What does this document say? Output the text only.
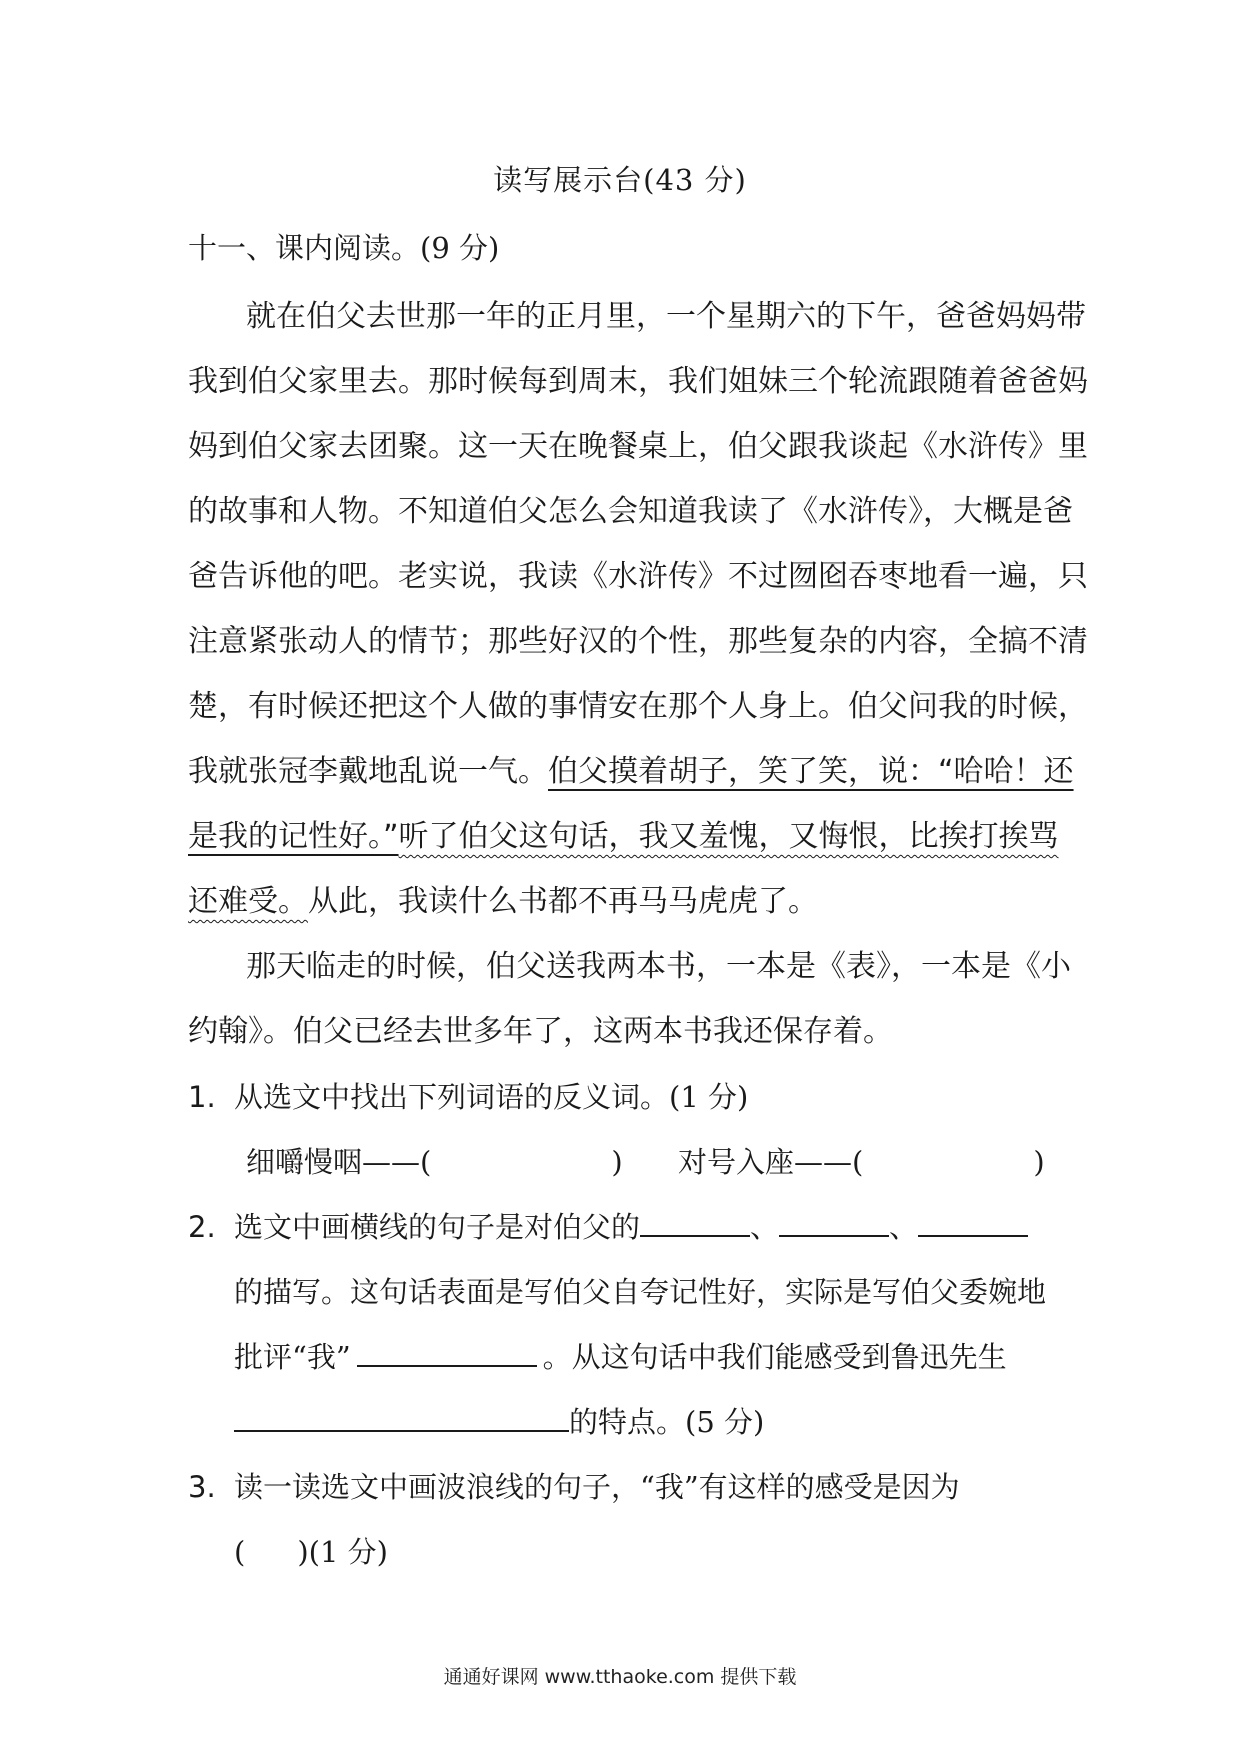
读写展示台(43 分)
十一、课内阅读。(9 分)
就在伯父去世那一年的正月里，一个星期六的下午，爸爸妈妈带
我到伯父家里去。那时候每到周末，我们姐妹三个轮流跟随着爸爸妈
妈到伯父家去团聚。这一天在晚餐桌上，伯父跟我谈起《水浒传》里
的故事和人物。不知道伯父怎么会知道我读了《水浒传》，大概是爸
爸告诉他的吧。老实说，我读《水浒传》不过囫囵吞枣地看一遍，只
注意紧张动人的情节；那些好汉的个性，那些复杂的内容，全搞不清
楚，有时候还把这个人做的事情安在那个人身上。伯父问我的时候，
我就张冠李戴地乱说一气。伯父摸着胡子，笑了笑，说：“哈哈！还
是我的记性好。”听了伯父这句话，我又羞愧，又悔恨，比挨打挨骂
还难受。从此，我读什么书都不再马马虎虎了。
那天临走的时候，伯父送我两本书，一本是《表》，一本是《小
约翰》。伯父已经去世多年了，这两本书我还保存着。
1. 从选文中找出下列词语的反义词。(1 分)
细嚼慢咽——(	) 对号入座——(	)
2. 选文中画横线的句子是对伯父的	、	、
的描写。这句话表面是写伯父自夸记性好，实际是写伯父委婉地
批评“我”	。从这句话中我们能感受到鲁迅先生
的特点。(5 分)
3. 读一读选文中画波浪线的句子，“我”有这样的感受是因为
( )(1 分)
通通好课网 www.tthaoke.com 提供下载
